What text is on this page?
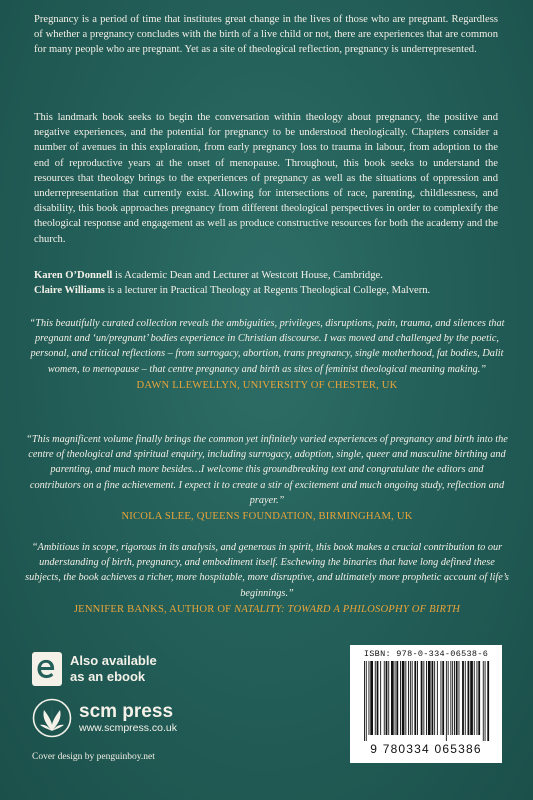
Pregnancy is a period of time that institutes great change in the lives of those who are pregnant. Regardless of whether a pregnancy concludes with the birth of a live child or not, there are experiences that are common for many people who are pregnant. Yet as a site of theological reflection, pregnancy is underrepresented.

This landmark book seeks to begin the conversation within theology about pregnancy, the positive and negative experiences, and the potential for pregnancy to be understood theologically. Chapters consider a number of avenues in this exploration, from early pregnancy loss to trauma in labour, from adoption to the end of reproductive years at the onset of menopause. Throughout, this book seeks to understand the resources that theology brings to the experiences of pregnancy as well as the situations of oppression and underrepresentation that currently exist. Allowing for intersections of race, parenting, childlessness, and disability, this book approaches pregnancy from different theological perspectives in order to complexify the theological response and engagement as well as produce constructive resources for both the academy and the church.

Karen O’Donnell is Academic Dean and Lecturer at Westcott House, Cambridge.
Claire Williams is a lecturer in Practical Theology at Regents Theological College, Malvern.
“This beautifully curated collection reveals the ambiguities, privileges, disruptions, pain, trauma, and silences that pregnant and ‘un/pregnant’ bodies experience in Christian discourse. I was moved and challenged by the poetic, personal, and critical reflections – from surrogacy, abortion, trans pregnancy, single motherhood, fat bodies, Dalit women, to menopause – that centre pregnancy and birth as sites of feminist theological meaning making.”
DAWN LLEWELLYN, UNIVERSITY OF CHESTER, UK
“This magnificent volume finally brings the common yet infinitely varied experiences of pregnancy and birth into the centre of theological and spiritual enquiry, including surrogacy, adoption, single, queer and masculine birthing and parenting, and much more besides…I welcome this groundbreaking text and congratulate the editors and contributors on a fine achievement. I expect it to create a stir of excitement and much ongoing study, reflection and prayer.”
NICOLA SLEE, QUEENS FOUNDATION, BIRMINGHAM, UK
“Ambitious in scope, rigorous in its analysis, and generous in spirit, this book makes a crucial contribution to our understanding of birth, pregnancy, and embodiment itself. Eschewing the binaries that have long defined these subjects, the book achieves a richer, more hospitable, more disruptive, and ultimately more prophetic account of life’s beginnings.”
JENNIFER BANKS, AUTHOR OF NATALITY: TOWARD A PHILOSOPHY OF BIRTH
Also available
as an ebook
scm press
www.scmpress.co.uk
Cover design by penguinboy.net
ISBN: 978-0-334-06538-6
9 780334 065386
